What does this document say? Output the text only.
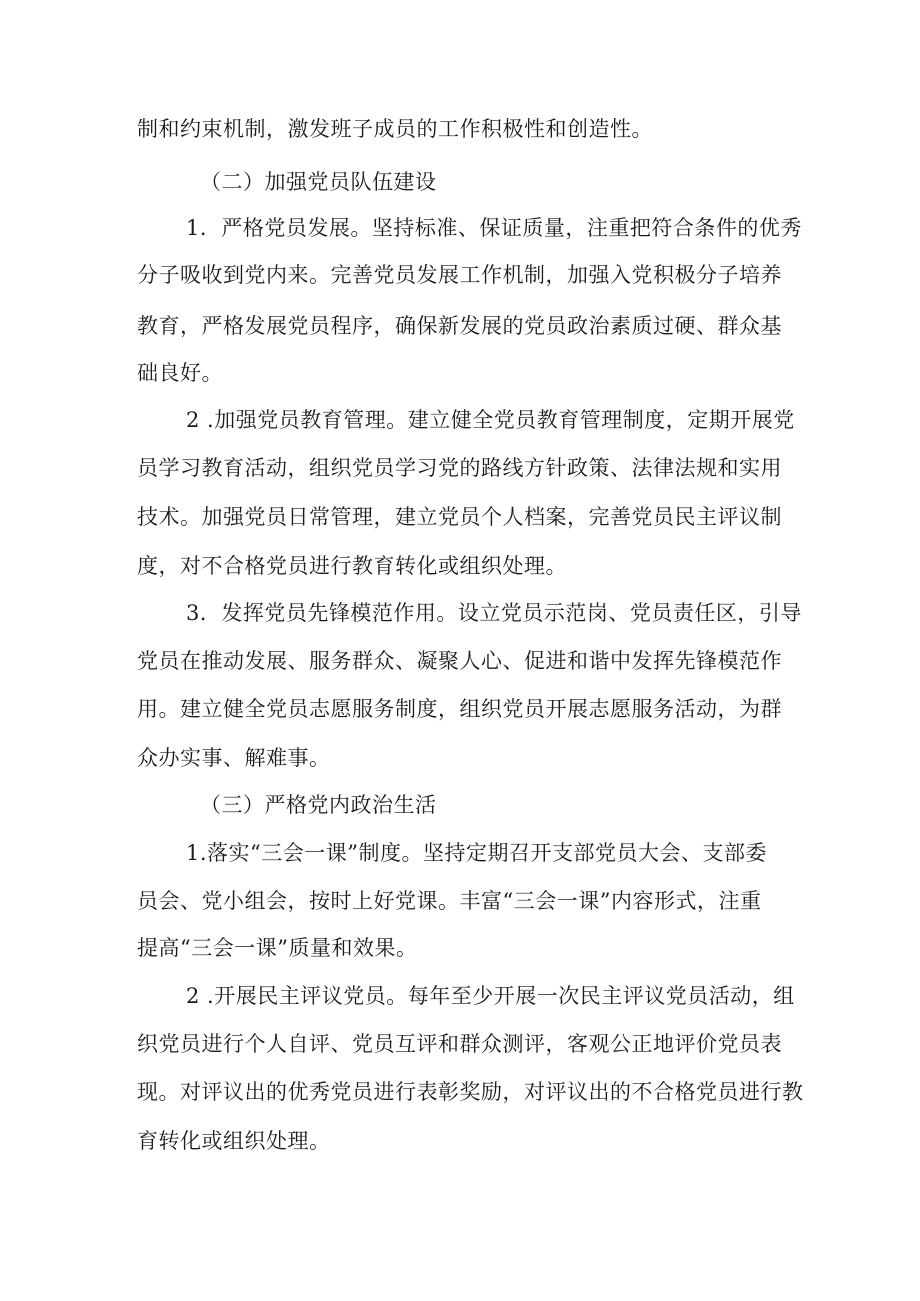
制和约束机制，激发班子成员的工作积极性和创造性。
（二）加强党员队伍建设
1．严格党员发展。坚持标准、保证质量，注重把符合条件的优秀
分子吸收到党内来。完善党员发展工作机制，加强入党积极分子培养
教育，严格发展党员程序，确保新发展的党员政治素质过硬、群众基
础良好。
2 .加强党员教育管理。建立健全党员教育管理制度，定期开展党
员学习教育活动，组织党员学习党的路线方针政策、法律法规和实用
技术。加强党员日常管理，建立党员个人档案，完善党员民主评议制
度，对不合格党员进行教育转化或组织处理。
3．发挥党员先锋模范作用。设立党员示范岗、党员责任区，引导
党员在推动发展、服务群众、凝聚人心、促进和谐中发挥先锋模范作
用。建立健全党员志愿服务制度，组织党员开展志愿服务活动，为群
众办实事、解难事。
（三）严格党内政治生活
1.落实“三会一课”制度。坚持定期召开支部党员大会、支部委
员会、党小组会，按时上好党课。丰富“三会一课”内容形式，注重
提高“三会一课”质量和效果。
2 .开展民主评议党员。每年至少开展一次民主评议党员活动，组
织党员进行个人自评、党员互评和群众测评，客观公正地评价党员表
现。对评议出的优秀党员进行表彰奖励，对评议出的不合格党员进行教
育转化或组织处理。
